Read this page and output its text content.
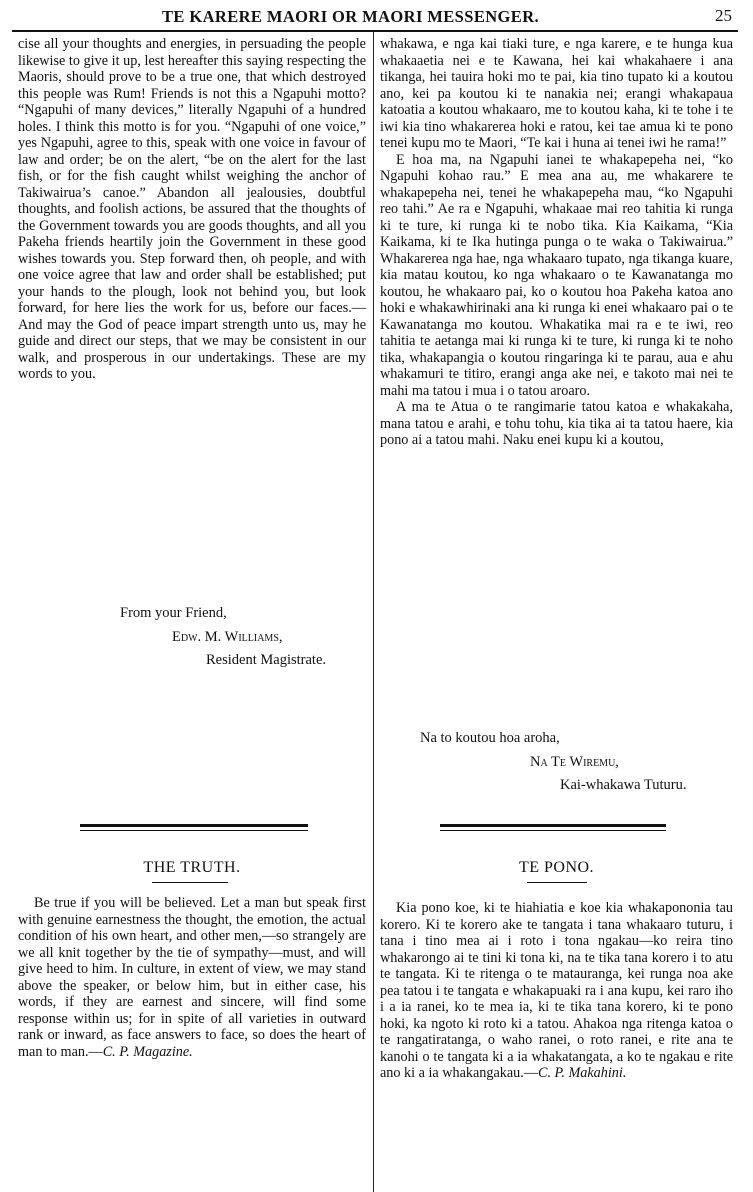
TE KARERE MAORI OR MAORI MESSENGER.	25

cise all your thoughts and energies, in persuading the people likewise to give it up, lest hereafter this saying respecting the Maoris, should prove to be a true one, that which destroyed this people was Rum! Friends is not this a Ngapuhi motto? “Ngapuhi of many devices,” literally Ngapuhi of a hundred holes. I think this motto is for you. “Ngapuhi of one voice,” yes Ngapuhi, agree to this, speak with one voice in favour of law and order; be on the alert, “be on the alert for the last fish, or for the fish caught whilst weighing the anchor of Takiwairua’s canoe.” Abandon all jealousies, doubtful thoughts, and foolish actions, be assured that the thoughts of the Government towards you are goods thoughts, and all you Pakeha friends heartily join the Government in these good wishes towards you. Step forward then, oh people, and with one voice agree that law and order shall be established; put your hands to the plough, look not behind you, but look forward, for here lies the work for us, before our faces.—And may the God of peace impart strength unto us, may he guide and direct our steps, that we may be consistent in our walk, and prosperous in our undertakings. These are my words to you.

From your Friend,

Edw. M. Williams,

Resident Magistrate.

THE TRUTH.

Be true if you will be believed. Let a man but speak first with genuine earnestness the thought, the emotion, the actual condition of his own heart, and other men,—so strangely are we all knit together by the tie of sympathy—must, and will give heed to him. In culture, in extent of view, we may stand above the speaker, or below him, but in either case, his words, if they are earnest and sincere, will find some response within us; for in spite of all varieties in outward rank or inward, as face answers to face, so does the heart of man to man.—C. P. Magazine.

whakawa, e nga kai tiaki ture, e nga karere, e te hunga kua whakaaetia nei e te Kawana, hei kai whakahaere i ana tikanga, hei tauira hoki mo te pai, kia tino tupato ki a koutou ano, kei pa koutou ki te nanakia nei; erangi whakapaua katoatia a koutou whakaaro, me to koutou kaha, ki te tohe i te iwi kia tino whakarerea hoki e ratou, kei tae amua ki te pono tenei kupu mo te Maori, “Te kai i huna ai tenei iwi he rama!”

E hoa ma, na Ngapuhi ianei te whakapepeha nei, “ko Ngapuhi kohao rau.” E mea ana au, me whakarere te whakapepeha nei, tenei he whakapepeha mau, “ko Ngapuhi reo tahi.” Ae ra e Ngapuhi, whakaae mai reo tahitia ki runga ki te ture, ki runga ki te nobo tika. Kia Kaikama, “Kia Kaikama, ki te Ika hutinga punga o te waka o Takiwairua.” Whakarerea nga hae, nga whakaaro tupato, nga tikanga kuare, kia matau koutou, ko nga whakaaro o te Kawanatanga mo koutou, he whakaaro pai, ko o koutou hoa Pakeha katoa ano hoki e whakawhirinaki ana ki runga ki enei whakaaro pai o te Kawanatanga mo koutou. Whakatika mai ra e te iwi, reo tahitia te aetanga mai ki runga ki te ture, ki runga ki te noho tika, whakapangia o koutou ringaringa ki te parau, aua e ahu whakamuri te titiro, erangi anga ake nei, e takoto mai nei te mahi ma tatou i mua i o tatou aroaro.

A ma te Atua o te rangimarie tatou katoa e whakakaha, mana tatou e arahi, e tohu tohu, kia tika ai ta tatou haere, kia pono ai a tatou mahi. Naku enei kupu ki a koutou,

Na to koutou hoa aroha,

Na Te Wiremu,

Kai-whakawa Tuturu.

TE PONO.

Kia pono koe, ki te hiahiatia e koe kia whakapononia tau korero. Ki te korero ake te tangata i tana whakaaro tuturu, i tana i tino mea ai i roto i tona ngakau—ko reira tino whakarongo ai te tini ki tona ki, na te tika tana korero i to atu te tangata. Ki te ritenga o te matauranga, kei runga noa ake pea tatou i te tangata e whakapuaki ra i ana kupu, kei raro iho i a ia ranei, ko te mea ia, ki te tika tana korero, ki te pono hoki, ka ngoto ki roto ki a tatou. Ahakoa nga ritenga katoa o te rangatiratanga, o waho ranei, o roto ranei, e rite ana te kanohi o te tangata ki a ia whakatangata, a ko te ngakau e rite ano ki a ia whakangakau.—C. P. Makahini.
